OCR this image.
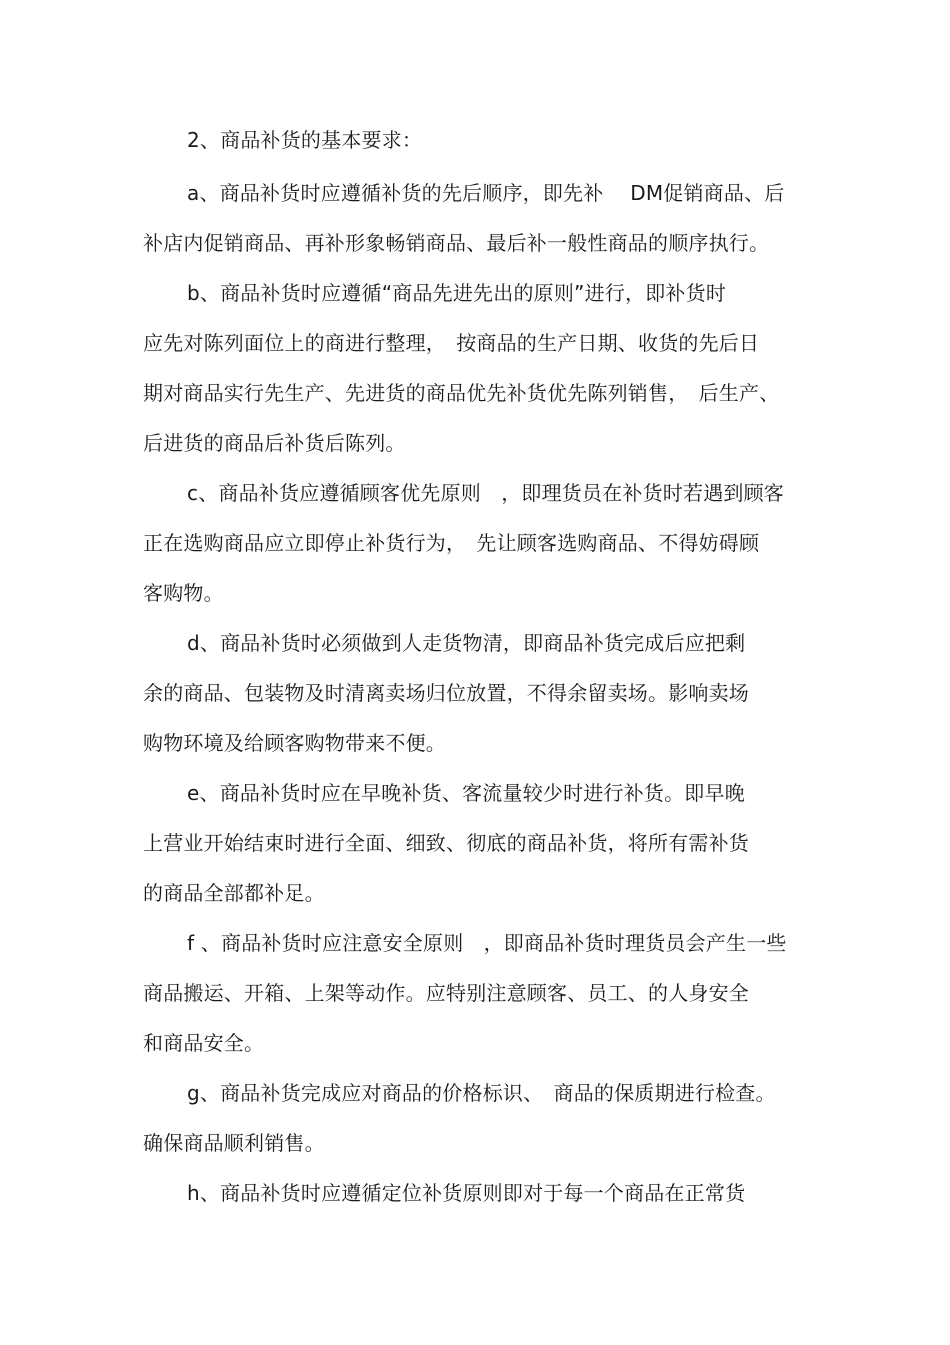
2、商品补货的基本要求：
a、商品补货时应遵循补货的先后顺序，即先补　 DM促销商品、后
补店内促销商品、再补形象畅销商品、最后补一般性商品的顺序执行。
b、商品补货时应遵循“商品先进先出的原则”进行，即补货时
应先对陈列面位上的商进行整理，　按商品的生产日期、收货的先后日
期对商品实行先生产、先进货的商品优先补货优先陈列销售，　后生产、
后进货的商品后补货后陈列。
c、商品补货应遵循顾客优先原则　，即理货员在补货时若遇到顾客
正在选购商品应立即停止补货行为，　先让顾客选购商品、不得妨碍顾
客购物。
d、商品补货时必须做到人走货物清，即商品补货完成后应把剩
余的商品、包装物及时清离卖场归位放置，不得余留卖场。影响卖场
购物环境及给顾客购物带来不便。
e、商品补货时应在早晚补货、客流量较少时进行补货。即早晚
上营业开始结束时进行全面、细致、彻底的商品补货，将所有需补货
的商品全部都补足。
f 、商品补货时应注意安全原则　，即商品补货时理货员会产生一些
商品搬运、开箱、上架等动作。应特别注意顾客、员工、的人身安全
和商品安全。
g、商品补货完成应对商品的价格标识、　商品的保质期进行检查。
确保商品顺利销售。
h、商品补货时应遵循定位补货原则即对于每一个商品在正常货
